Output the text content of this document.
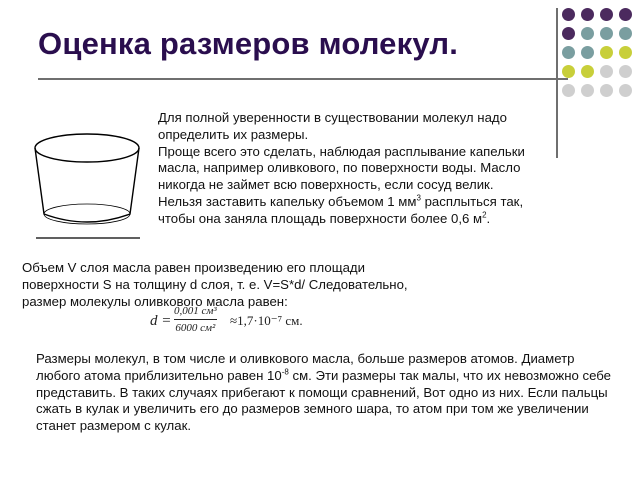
Оценка размеров молекул.

Для полной уверенности в существовании молекул надо
определить их размеры.
Проще всего это сделать, наблюдая расплывание капельки
масла, например оливкового, по поверхности воды. Масло
никогда не займет всю поверхность, если сосуд велик.
Нельзя заставить капельку объемом 1 $мм^3$ расплыться так,
чтобы она заняла площадь поверхности более 0,6 $м^2$.

Объем V слоя масла равен произведению его площади поверхности S на толщину d слоя, т. е. V=S*d/ Следовательно, размер молекулы оливкового масла равен:

d =
0,001 см³
6000 см² ≈1,7·10⁻⁷ см.

Размеры молекул, в том числе и оливкового масла, больше размеров атомов. Диаметр любого атома приблизительно равен $10^{-8}$ см. Эти размеры так малы, что их невозможно себе представить. В таких случаях прибегают к помощи сравнений, Вот одно из них. Если пальцы сжать в кулак и увеличить его до размеров земного шара, то атом при том же увеличении станет размером с кулак.
